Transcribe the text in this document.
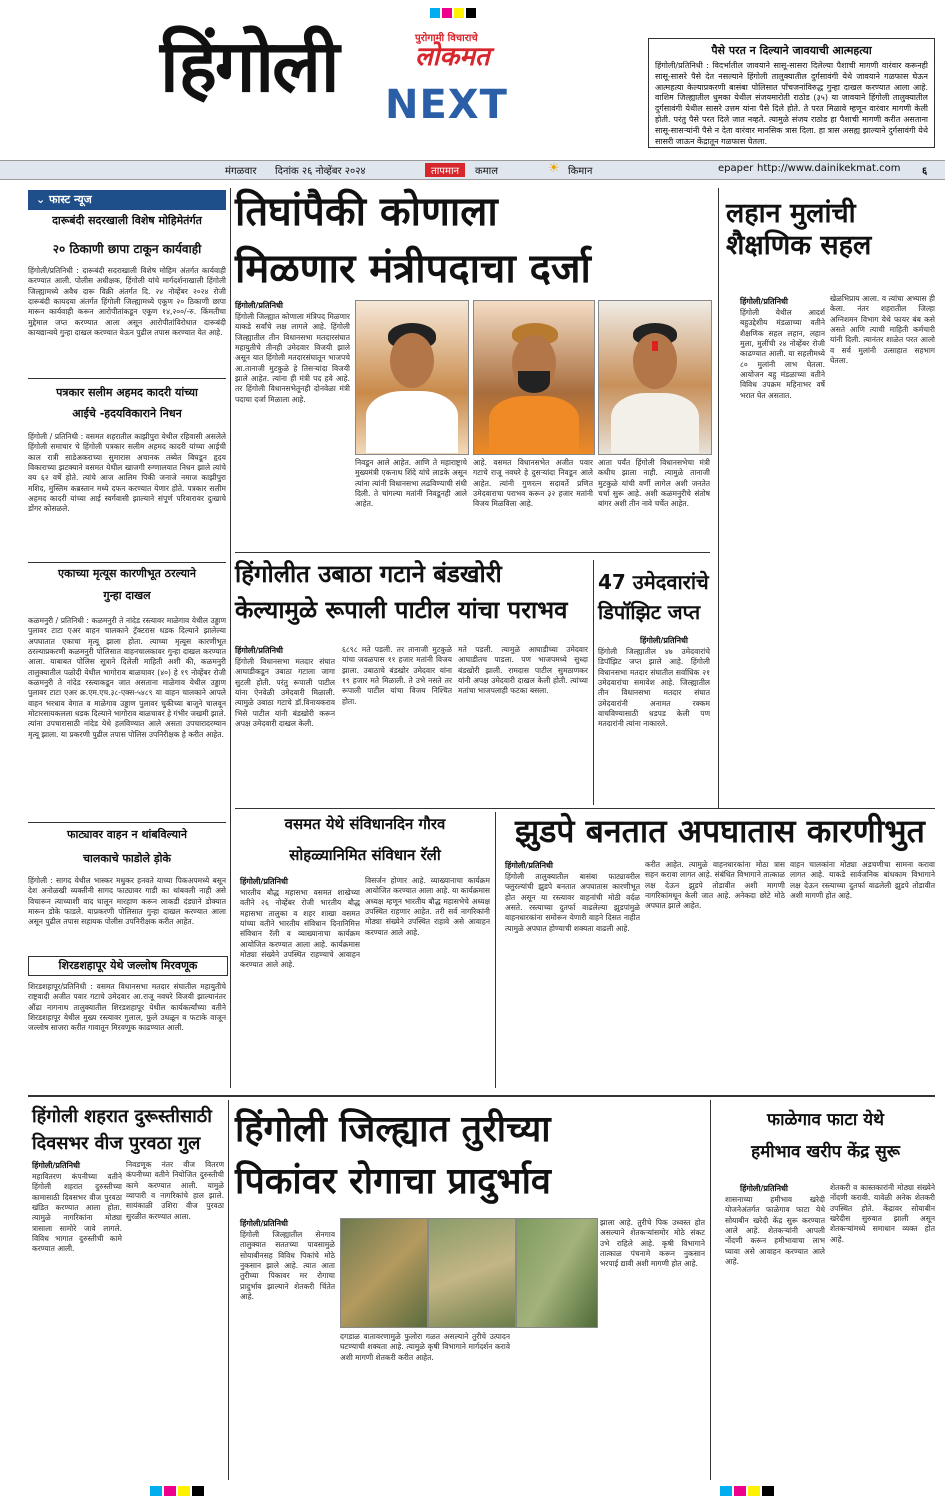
हिंगोली	पुरोगामी विचाराचे
लोकमत
NEXT
पैसे परत न दिल्याने जावयाची आत्महत्या

हिंगोली/प्रतिनिधी : विदर्भातील जावयाने सासू-सासरा दिलेल्या पैशाची मागणी वारंवार करूनही सासू-सासरे पैसे देत नसल्याने हिंगोली तालुक्यातील दुर्गसावंगी येथे जावयाने गळफास घेऊन आत्महत्या केल्याप्रकरणी बासंबा पोलिसात पाँचजनांविरुद्ध गुन्हा दाखल करण्यात आला आहे. वाशिम जिल्ह्यातील धुमका येथील संजयमारोती राठोड (३५) या जावयाने हिंगोली तालुक्यातील दुर्गसावंगी येथील सासरे उत्तम यांना पैसे दिले होते. ते परत मिळावे म्हणून वारंवार मागणी केली होती. परंतु पैसे परत दिले जात नव्हते. त्यामुळे संजय राठोड हा पैशाची मागणी करीत असताना सासू-सासर्‍यांनी पैसे न देता वारंवार मानसिक त्रास दिला. हा त्रास असह्य झाल्याने दुर्गसावंगी येथे सासरी जाऊन केंद्रातून गळफास घेतला.

मंगळवार दिनांक २६ नोव्हेंबर २०२४	तापमान	कमाल	☀ किमान	epaper http://www.dainikekmat.com ६
⌄ फास्ट न्यूज
दारूबंदी सदरखाली विशेष मोहिमेतंर्गत
२० ठिकाणी छापा टाकून कार्यवाही
हिंगोली/प्रतिनिधी : दारूबंदी सदराखाली विशेष मोहिम अंतर्गत कार्यवाही करण्यात आली. पोलीस अधीक्षक, हिंगोली यांचे मार्गदर्शनाखाली हिंगोली जिल्ह्यामध्ये अवैध दारू विक्री अंतर्गत दि. २४ नोव्हेंबर २०२४ रोजी दारूबंदी कायदया अंतर्गत हिंगोली जिल्ह्यामध्ये एकूण २० ठिकाणी छापा मारून कार्यवाही करून आरोपीतांकडून एकूण १४,२००/-रु. किंमतीचा मुद्देमाल जप्त करण्यात आला असून आरोपीतांविरोधात दारूबंदी कायद्यान्वये गुन्हा दाखल करण्यात येऊन पुढील तपास करण्यात येत आहे.
पत्रकार सलीम अहमद कादरी यांच्या
आईचे -हदयविकाराने निधन
हिंगोली / प्रतिनिधी : वसमत शहरातील काझीपुरा येथील रहिवासी असलेले हिंगोली समाचार चे हिंगोली पत्रकार सलीम अहमद कादरी यांच्या आईची काल रात्री साडेअकराच्या सुमारास अचानक तब्येत बिघडून हृदय विकाराच्या झटक्याने वसमत येथील खाजगी रुग्णालयात निधन झाले त्यांचे वय ६२ वर्षे होते. त्यांचे आज आलिम पिकी जनाजे नमाज काझीपुरा मशिद, मुस्लिम कब्रस्तान मध्ये दफन करण्यात येणार होते. पत्रकार सलीम अहमद कादरी यांच्या आई स्वर्गवासी झाल्याने संपूर्ण परिवारावर दुःखाचे डोंगर कोसळले.
एकाच्या मृत्यूस कारणीभूत ठरल्याने
गुन्हा दाखल
कळमनुरी / प्रतिनिधी : कळमनुरी ते नांदेड रस्त्यावर माळेगाव येथील उड्डाण पुलावर टाटा एअर वाहन चालकाने ट्रॅक्टरास धडक दिल्याने झालेल्या अपघातात एकाचा मृत्यू झाला होता. त्याच्या मृत्यूस कारणीभूत ठरल्याप्रकरणी कळमनुरी पोलिसात वाहनचालकावर गुन्हा दाखल करण्यात आला. याबाबत पोलिस सूत्राने दिलेली माहिती अशी की, कळमनुरी तालुक्यातील पळोदी येथील भागोराव बाळचावर (४०) हे १९ नोव्हेंबर रोजी कळमनुरी ते नांदेड रस्त्याकडून जात असताना माळेगाव येथील उड्डाण पुलावर टाटा एअर क्र.एम.एच.३८-एक्स-५४८९ या वाहन चालकाने आपले वाहन भरधाव वेगात व माळेगाव उड्डाण पुलावर चुकीच्या बाजूने चालवून मोटारसायकलला धडक दिल्याने भागोराव बाळचावर हे गंभीर जखमी झाले. त्यांना उपचारासाठी नांदेड येथे हलविण्यात आले असता उपचारादरम्यान मृत्यू झाला. या प्रकरणी पुढील तपास पोलिस उपनिरीक्षक हे करीत आहेत.
फाट्यावर वाहन न थांबविल्याने
चालकाचे फाडोले ड़ोके
हिंगोली : सागद येथील भास्कर मधुकर हनवते याच्या पिकअपमध्ये बसून देश अनोळखी व्यक्तीनी सागद फाट्यावर गाडी का थांबवली नाही असे विचारून त्याच्याशी वाद घालून मारहाण करून लाकडी दंड्याने डोक्यात मारून डोके फाडले. याप्रकरणी पोलिसात गुन्हा दाखल करण्यात आला असून पुढील तपास सहायक पोलीस उपनिरीक्षक करीत आहेत.
शिरडशहापूर येथे जल्लोष मिरवणूक
शिरडशहापूर/प्रतिनिधी : वसमत विधानसभा मतदार संघातील महायुतीचे राष्ट्रवादी अजीत पवार गटाचे उमेदवार आ.राजू नवघरे विजयी झाल्यानंतर औंढा नागनाथ तालुक्यातील शिरडशहापूर येथील कार्यकर्त्यांच्या वतीने शिरडशहापूर येथील मुख्य रस्त्यावर गुलाल, फुले उधळून व फटाके वाजून जल्लोष साजरा करीत गावातून मिरवणूक काढण्यात आली.
तिघांपैकी कोणाला
मिळणार मंत्रीपदाचा दर्जा
हिंगोली/प्रतिनिधी
हिंगोली जिल्ह्यात कोणाला मंत्रिपद मिळणार याकडे सर्वांचे लक्ष लागले आहे. हिंगोली जिल्ह्यातील तीन विधानसभा मतदारसंघात महायुतीचे तीनही उमेदवार विजयी झाले असून यात हिंगोली मतदारसंघातून भाजपचे आ.तानाजी मुटकुळे हे तिसऱ्यांदा विजयी झाले आहेत. त्यांना ही मंत्री पद हवे आहे. तर हिंगोली विधानसभेतूनही दोनवेळा मंत्री पदाचा दर्जा मिळाला आहे.
निवडून आले आहेत. आणि ते महाराष्ट्राचे मुख्यमंत्री एकनाथ शिंदे यांचे लाडके असून त्यांना त्यांनी विधानसभा लढविण्याची संधी दिली. ते चांगल्या मतांनी निवडूनही आले आहेत.
आहे. वसमत विधानसभेत अजीत पवार गटाचे राजू नवघरे हे दुसऱ्यांदा निवडून आले आहेत. त्यांनी गुणरत्न सदावर्ते प्रणित उमेदवाराचा पराभव करून ३२ हजार मतांनी विजय मिळविला आहे.
आता पर्यंत हिंगोली विधानसभेचा मंत्री कधीच झाला नाही. त्यामुळे तानाजी मुटकुळे यांची वर्णी लागेल अशी जनतेत चर्चा सुरू आहे. अशी कळमनुरीचे संतोष बांगर अशी तीन नावे चर्चेत आहेत.
लहान मुलांची शैक्षणिक सहल
हिंगोली/प्रतिनिधी
हिंगोली येथील आदर्श बहुउद्देशीय मंडळाच्या वतीने शैक्षणिक सहल लहान, लहान मुला, मुलींची २४ नोव्हेंबर रोजी काढण्यात आली. या सहलीमध्ये ८० मुलांनी लाभ घेतला. आयोजन बहु मंडळाच्या वतीने विविध उपक्रम महिनाभर वर्षे भरात घेत असतात.
खेळभिप्राय आला. व त्यांचा अभ्यास ही केला. नंतर शहरातील जिल्हा अग्निशमन विभाग येथे फायर बंब कसे असते आणि त्याची माहिती कर्मचारी यांनी दिली. त्यानंतर शाळेत परत आलो व सर्व मुलांनी उत्साहात सहभाग घेतला.
हिंगोलीत उबाठा गटाने बंडखोरी
केल्यामुळे रूपाली पाटील यांचा पराभव
हिंगोली/प्रतिनिधी
हिंगोली विधानसभा मतदार संघात आघाडीकडून उबाठा गटाला जागा सुटली होती. परंतु रूपाली पाटील यांना ऐनवेळी उमेदवारी मिळाली. त्यामुळे उबाठा गटाचे डॉ.विनायकराव भिसे पाटील यांनी बंडखोरी करून अपक्ष उमेदवारी दाखल केली.
६८९८ मते पडली. तर तानाजी मुटकुळे यांचा जवळपास ११ हजार मतांनी विजय झाला. उबाठाचे बंडखोर उमेदवार यांना १९ हजार मते मिळाली. ते उभे नसते तर रूपाली पाटील यांचा विजय निश्चित होता.
मते पडली. त्यामुळे आघाडीच्या उमेदवार आघाडीतच पाडला. पण भाजपमध्ये सुध्दा बंडखोरी झाली. रामदास पाटील सुमठाणकर यांनी अपक्ष उमेदवारी दाखल केली होती. त्यांच्या मतांचा भाजपलाही फटका बसला.
47 उमेदवारांचे
डिपॉझिट जप्त
हिंगोली/प्रतिनिधी
हिंगोली जिल्ह्यातील ४७ उमेदवारांचे डिपॉझिट जप्त झाले आहे. हिंगोली विधानसभा मतदार संघातील सर्वाधिक २१ उमेदवारांचा समावेश आहे. जिल्ह्यातील तीन विधानसभा मतदार संघात उमेदवारांनी अनामत रक्कम वाचविण्यासाठी धडपड केली पण मतदारांनी त्यांना नाकारले.
वसमत येथे संविधानदिन गौरव
सोहळ्यानिमित संविधान रॅली
हिंगोली/प्रतिनिधी
भारतीय बौद्ध महासभा वसमत शाखेच्या वतीने २६ नोव्हेंबर रोजी भारतीय बौद्ध महासभा तालुका व शहर शाखा वसमत यांच्या वतीने भारतीय संविधान दिनानिमित्त संविधान रॅली व व्याख्यानाचा कार्यक्रम आयोजित करण्यात आला आहे. कार्यक्रमास मोठ्या संख्येने उपस्थित राहण्याचे आवाहन करण्यात आले आहे.
विसर्जन होणार आहे. व्याख्यानाचा कार्यक्रम आयोजित करण्यात आला आहे. या कार्यक्रमास अध्यक्ष म्हणून भारतीय बौद्ध महासभेचे अध्यक्ष उपस्थित राहणार आहेत. तरी सर्व नागरिकांनी मोठ्या संख्येने उपस्थित राहावे असे आवाहन करण्यात आले आहे.
झुडपे बनतात अपघातास कारणीभुत
हिंगोली/प्रतिनिधी
हिंगोली तालुक्यातील बासंबा फाट्यावरील फ्लुरल्यांची झुडपे बनतात अपघातास कारणीभूत होत असून या रस्त्यावर वाहनांची मोठी वर्दळ असते. रस्त्याच्या दुतर्फा वाढलेल्या झुडपांमुळे वाहनधारकांना समोरून येणारी वाहने दिसत नाहीत त्यामुळे अपघात होण्याची शक्यता वाढली आहे.
करीत आहेत. त्यामुळे वाहनधारकांना मोठा त्रास सहन करावा लागत आहे. संबंधित विभागाने तात्काळ लक्ष देऊन झुडपे तोडावीत अशी मागणी नागरिकांमधून केली जात आहे. अनेकदा छोटे मोठे अपघात झाले आहेत.
वाहन चालकांना मोठ्या अडचणीचा सामना करावा लागत आहे. याकडे सार्वजनिक बांधकाम विभागाने लक्ष देऊन रस्त्याच्या दुतर्फा वाढलेली झुडपे तोडावीत अशी मागणी होत आहे.
हिंगोली शहरात दुरूस्तीसाठी
दिवसभर वीज पुरवठा गुल
हिंगोली/प्रतिनिधी
महावितरण कंपनीच्या वतीने हिंगोली शहरात दुरुस्तीच्या कामासाठी दिवसभर वीज पुरवठा खंडित करण्यात आला होता. त्यामुळे नागरिकांना मोठ्या त्रासाला सामोरे जावे लागले. विविध भागात दुरुस्तीची कामे करण्यात आली.
निवडणूक नंतर वीज वितरण कंपनीच्या वतीने नियोजित दुरुस्तीची कामे करण्यात आली. यामुळे व्यापारी व नागरिकांचे हाल झाले. सायंकाळी उशिरा वीज पुरवठा सुरळीत करण्यात आला.
हिंगोली जिल्ह्यात तुरीच्या
पिकांवर रोगाचा प्रादुर्भाव
हिंगोली/प्रतिनिधी
हिंगोली जिल्ह्यातील सेनगाव तालुक्यात सततच्या पावसामुळे सोयाबीनसह विविध पिकांचे मोठे नुकसान झाले आहे. त्यात आता तुरीच्या पिकावर मर रोगाचा प्रादुर्भाव झाल्याने शेतकरी चिंतेत आहे.
दगडाळ वातावरणामुळे फुलोरा गळत असल्याने तुरीचे उत्पादन घटण्याची शक्यता आहे. त्यामुळे कृषी विभागाने मार्गदर्शन करावे अशी मागणी शेतकरी करीत आहेत.
झाला आहे. तुरीचे पिक उध्वस्त होत असल्याने शेतकऱ्यांसमोर मोठे संकट उभे राहिले आहे. कृषी विभागाने तात्काळ पंचनामे करून नुकसान भरपाई द्यावी अशी मागणी होत आहे.
फाळेगाव फाटा येथे
हमीभाव खरीप केंद्र सुरू
हिंगोली/प्रतिनिधी
शासनाच्या हमीभाव खरेदी योजनेअंतर्गत फाळेगाव फाटा येथे सोयाबीन खरेदी केंद्र सुरू करण्यात आले आहे. शेतकऱ्यांनी आपली नोंदणी करून हमीभावाचा लाभ घ्यावा असे आवाहन करण्यात आले आहे.
शेतकरी व कास्तकारांनी मोठ्या संख्येने नोंदणी करावी. यावेळी अनेक शेतकरी उपस्थित होते. केंद्रावर सोयाबीन खरेदीस सुरुवात झाली असून शेतकऱ्यांमध्ये समाधान व्यक्त होत आहे.
